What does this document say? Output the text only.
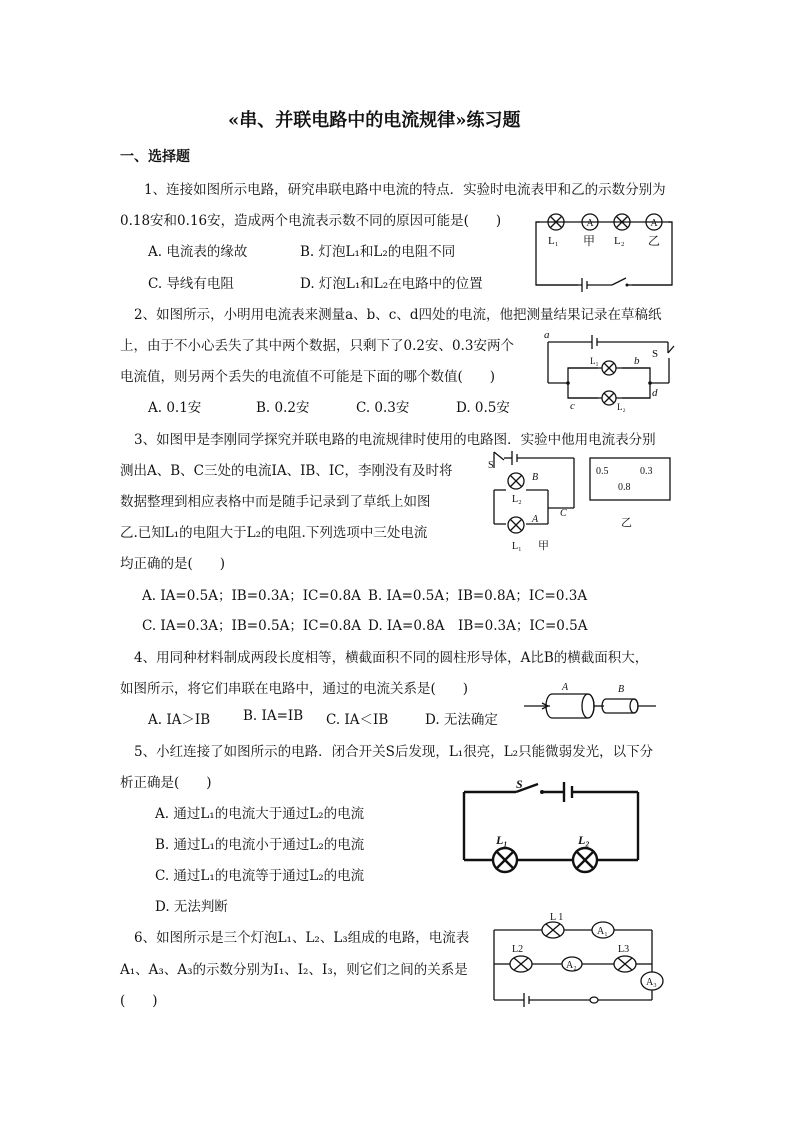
«串、并联电路中的电流规律»练习题
一、选择题
1、连接如图所示电路，研究串联电路中电流的特点．实验时电流表甲和乙的示数分别为
0.18安和0.16安，造成两个电流表示数不同的原因可能是(　　)
A. 电流表的缘故	B. 灯泡L₁和L₂的电阻不同
C. 导线有电阻	D. 灯泡L₁和L₂在电路中的位置
A	A
L₁ 甲 L₂ 乙
2、如图所示，小明用电流表来测量a、b、c、d四处的电流，他把测量结果记录在草稿纸
上，由于不小心丢失了其中两个数据，只剩下了0.2安、0.3安两个
电流值，则另两个丢失的电流值不可能是下面的哪个数值(　　)
A. 0.1安	B. 0.2安	C. 0.3安	D. 0.5安
a
b
c
d
S
L₁
L₂
3、如图甲是李刚同学探究并联电路的电流规律时使用的电路图．实验中他用电流表分别
测出A、B、C三处的电流IA、IB、IC，李刚没有及时将
数据整理到相应表格中而是随手记录到了草纸上如图
乙.已知L₁的电阻大于L₂的电阻.下列选项中三处电流
均正确的是(　　)
A. IA=0.5A；IB=0.3A；IC=0.8A B. IA=0.5A；IB=0.8A；IC=0.3A
C. IA=0.3A；IB=0.5A；IC=0.8A D. IA=0.8A　IB=0.3A；IC=0.5A
S
B
L₂
A
C
L₁ 甲
0.5	0.3
0.8
乙
4、用同种材料制成两段长度相等，横截面积不同的圆柱形导体，A比B的横截面积大，
如图所示，将它们串联在电路中，通过的电流关系是(　　)
A. IA＞IB B. IA=IB C. IA＜IB	D. 无法确定
A	B
5、小红连接了如图所示的电路．闭合开关S后发现，L₁很亮，L₂只能微弱发光，以下分
析正确是(　　)
A. 通过L₁的电流大于通过L₂的电流
B. 通过L₁的电流小于通过L₂的电流
C. 通过L₁的电流等于通过L₂的电流
D. 无法判断
S
L₁	L₂
6、如图所示是三个灯泡L₁、L₂、L₃组成的电路，电流表
A₁、A₃、A₃的示数分别为I₁、I₂、I₃，则它们之间的关系是
(　　)
A₁
A₂
A₃
L 1
L2	L3
